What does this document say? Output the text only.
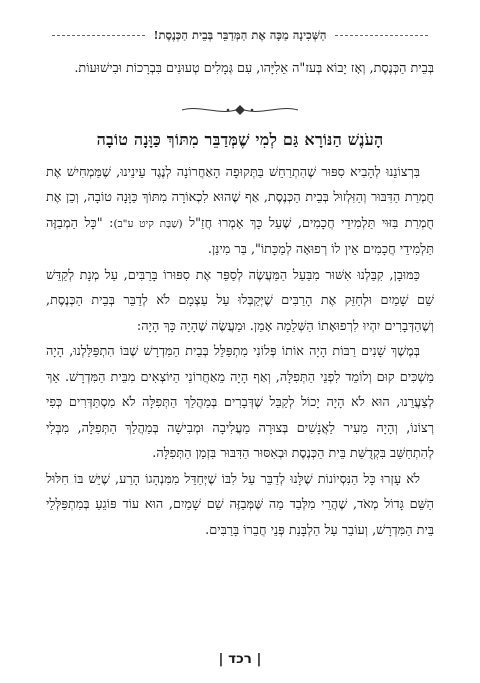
הַשְּׁכִינָה מַכָּה אֶת הַמְּדַבֵּר בְּבֵית הַכְּנֶסֶת!

בְּבֵית הַכְּנֶסֶת, וְאָז יָבוֹא בְּעז"ה אֵלִיָּהו, עִם גְּמָלִים טְעוּנִים בִּבְרָכוֹת וּבִישׁוּעוֹת.

הָעֹנֶשׁ הַנּוֹרָא גַּם לְמִי שֶׁמְּדַבֵּר מִתּוֹךְ כַּוָּנָה טוֹבָה

בִּרְצוֹנֵנוּ לְהָבִיא סִפּוּר שֶׁהִתְרַחֵשׁ בַּתְּקוּפָה הָאַחֲרוֹנָה לְנֶגֶד עֵינֵינוּ, שֶׁמַּמְחִישׁ אֶת חֻמְרַת הַדִּבּוּר וְהַזִּלְזוּל בְּבֵית הַכְּנֶסֶת, אַף שֶׁהוּא לִכְאוֹרָה מִתּוֹךְ כַּוָּנָה טוֹבָה, וְכֵן אֶת חֻמְרַת בִּזּוּי תַּלְמִידֵי חֲכָמִים, שֶׁעַל כָּךְ אָמְרוּ חֲזַ"ל (שַׁבָּת קיט ע"ב): "כָּל הַמְבַזֶּה תַּלְמִידֵי חֲכָמִים אֵין לוֹ רְפוּאָה לְמַכָּתוֹ", בַּר מִינַּן.

כַּמּוּבָן, קִבַּלְנוּ אִשּׁוּר מִבַּעַל הַמַּעֲשֶׂה לְסַפֵּר אֶת סִפּוּרוֹ בָּרַבִּים, עַל מְנָת לְקַדֵּשׁ שֵׁם שָׁמַיִם וּלְחַזֵּק אֶת הָרַבִּים שֶׁיְּקַבְּלוּ עַל עַצְמָם לֹא לְדַבֵּר בְּבֵית הַכְּנֶסֶת, וְשֶׁהַדְּבָרִים יִהְיוּ לִרְפוּאָתוֹ הַשְּׁלֵמָה אָמֵן. וּמַעֲשֶׂה שֶׁהָיָה כָּךְ הָיָה:

בְּמֶשֶׁךְ שָׁנִים רַבּוֹת הָיָה אוֹתוֹ פְּלוֹנִי מִתְפַּלֵּל בְּבֵית הַמִּדְרָשׁ שֶׁבּוֹ הִתְפַּלַּלְנוּ, הָיָה מַשְׁכִּים קוּם וְלוֹמֵד לִפְנֵי הַתְּפִלָּה, וְאַף הָיָה מֵאַחֲרוֹנֵי הַיּוֹצְאִים מִבֵּית הַמִּדְרָשׁ. אַךְ לְצַעֲרֵנוּ, הוּא לֹא הָיָה יָכוֹל לְקַבֵּל שֶׁדְּבָרִים בְּמַהֲלַךְ הַתְּפִלָּה לֹא מִסְתַּדְּרִים כְּפִי רְצוֹנוֹ, וְהָיָה מֵעִיר לַאֲנָשִׁים בְּצוּרָה מַעֲלִיבָה וּמְבִישָׁה בְּמַהֲלַךְ הַתְּפִלָּה, מִבְּלִי לְהִתְחַשֵּׁב בִּקְדֻשַּׁת בֵּית הַכְּנֶסֶת וּבְאִסּוּר הַדִּבּוּר בִּזְמַן הַתְּפִלָּה.

לֹא עָזְרוּ כָּל הַנִּסְיוֹנוֹת שֶׁלָּנוּ לְדַבֵּר עַל לִבּוֹ שֶׁיְּחַדֵּל מִמִּנְהָגוֹ הָרַע, שֶׁיֵּשׁ בּוֹ חִלּוּל הַשֵּׁם גָּדוֹל מְאֹד, שֶׁהֲרֵי מִלְּבַד מַה שֶּׁמְּבַזֶּה שֵׁם שָׁמַיִם, הוּא עוֹד פּוֹגֵעַ בְּמִתְפַּלְּלֵי בֵּית הַמִּדְרָשׁ, וְעוֹבֵר עַל הַלְבָּנַת פְּנֵי חֲבֵרוֹ בָּרַבִּים.

| רכד |
